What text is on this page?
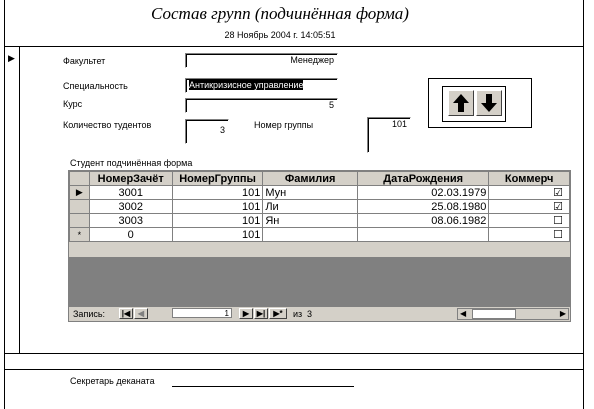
▶
Состав групп (подчинённая форма)
28 Ноябрь 2004 г. 14:05:51
Факультет	Менеджер
Специальность	Антикризисное управление
Курс	5
Количество тудентов	3	Номер группы	101
Студент подчинённая форма
	НомерЗачёт	НомерГруппы	Фамилия	ДатаРождения	Коммерч
▶	3001	101	Мун	02.03.1979	☑
	3002	101	Ли	25.08.1980	☑
	3003	101	Ян	08.06.1982	☐
*	0	101			☐
Запись:	|◀ ◀	1	▶ ▶|	▶*	из 3	◀	▶
Секретарь деканата
